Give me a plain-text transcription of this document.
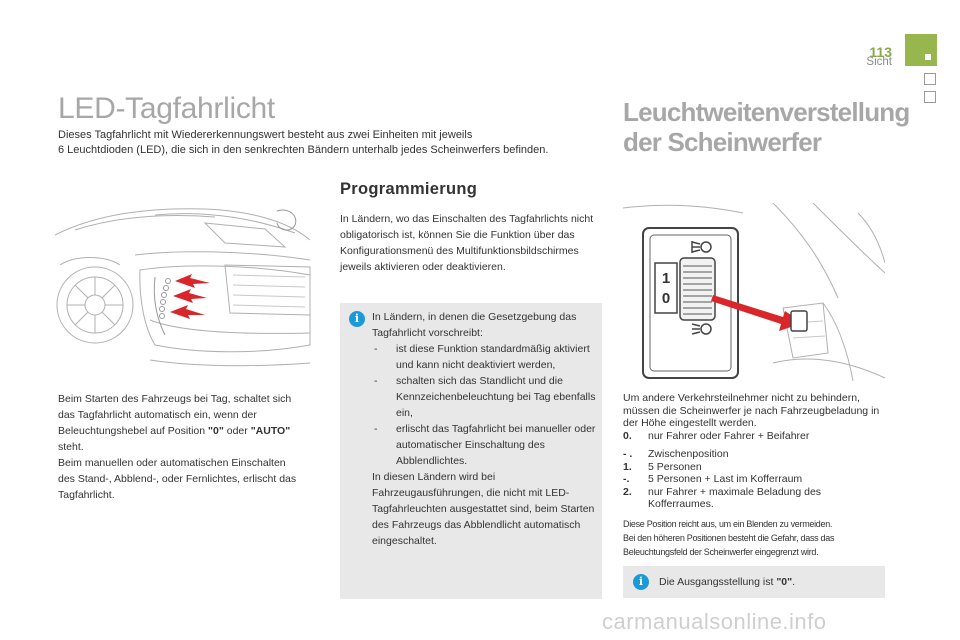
113
Sicht
LED-Tagfahrlicht
Dieses Tagfahrlicht mit Wiedererkennungswert besteht aus zwei Einheiten mit jeweils
6 Leuchtdioden (LED), die sich in den senkrechten Bändern unterhalb jedes Scheinwerfers befinden.
Beim Starten des Fahrzeugs bei Tag, schaltet sich das Tagfahrlicht automatisch ein, wenn der Beleuchtungshebel auf Position "0" oder "AUTO" steht.
Beim manuellen oder automatischen Einschalten des Stand-, Abblend-, oder Fernlichtes, erlischt das Tagfahrlicht.
Programmierung

In Ländern, wo das Einschalten des Tagfahrlichts nicht obligatorisch ist, können Sie die Funktion über das Konfigurationsmenü des Multifunktionsbildschirmes jeweils aktivieren oder deaktivieren.

i	In Ländern, in denen die Gesetzgebung das Tagfahrlicht vorschreibt:
- ist diese Funktion standardmäßig aktiviert und kann nicht deaktiviert werden,
- schalten sich das Standlicht und die Kennzeichenbeleuchtung bei Tag ebenfalls ein,
- erlischt das Tagfahrlicht bei manueller oder automatischer Einschaltung des Abblendlichtes.
In diesen Ländern wird bei Fahrzeugausführungen, die nicht mit LED-Tagfahrleuchten ausgestattet sind, beim Starten des Fahrzeugs das Abblendlicht automatisch eingeschaltet.
Leuchtweitenverstellung
der Scheinwerfer
1
0
Um andere Verkehrsteilnehmer nicht zu behindern, müssen die Scheinwerfer je nach Fahrzeugbeladung in der Höhe eingestellt werden.
0.	nur Fahrer oder Fahrer + Beifahrer
- .	Zwischenposition
1.	5 Personen
-.	5 Personen + Last im Kofferraum
2.	nur Fahrer + maximale Beladung des Kofferraumes.
Diese Position reicht aus, um ein Blenden zu vermeiden.
Bei den höheren Positionen besteht die Gefahr, dass das
Beleuchtungsfeld der Scheinwerfer eingegrenzt wird.
i	Die Ausgangsstellung ist "0".
carmanualsonline.info
